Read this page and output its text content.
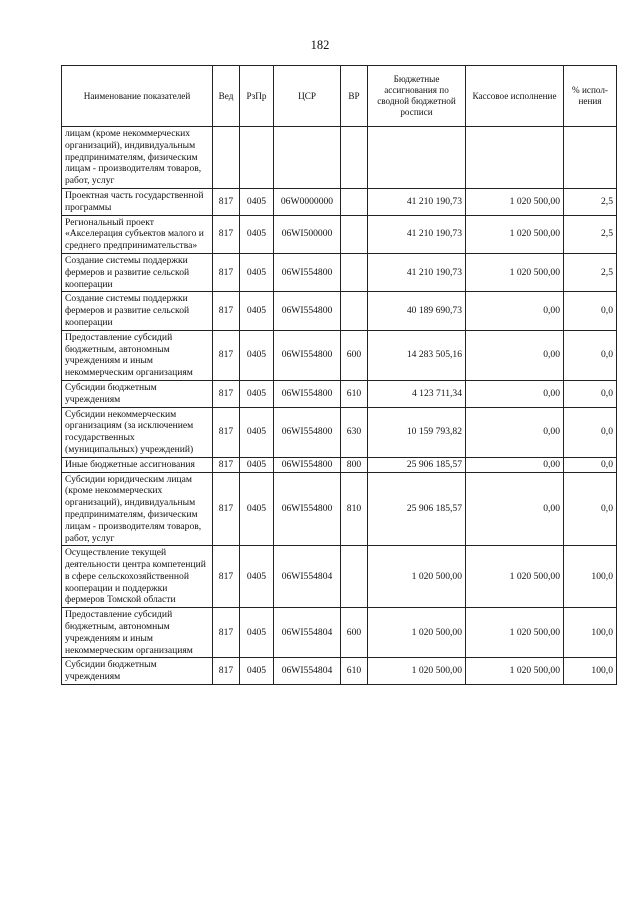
182
Наименование показателей	Вед	РзПр	ЦСР	ВР	Бюджетные ассигнования по сводной бюджетной росписи	Кассовое исполнение	% испол-нения
лицам (кроме некоммерческих организаций), индивидуальным предпринимателям, физическим лицам - производителям товаров, работ, услуг							
Проектная часть государственной программы	817	0405	06W0000000		41 210 190,73	1 020 500,00	2,5
Региональный проект «Акселерация субъектов малого и среднего предпринимательства»	817	0405	06WI500000		41 210 190,73	1 020 500,00	2,5
Создание системы поддержки фермеров и развитие сельской кооперации	817	0405	06WI554800		41 210 190,73	1 020 500,00	2,5
Создание системы поддержки фермеров и развитие сельской кооперации	817	0405	06WI554800		40 189 690,73	0,00	0,0
Предоставление субсидий бюджетным, автономным учреждениям и иным некоммерческим организациям	817	0405	06WI554800	600	14 283 505,16	0,00	0,0
Субсидии бюджетным учреждениям	817	0405	06WI554800	610	4 123 711,34	0,00	0,0
Субсидии некоммерческим организациям (за исключением государственных (муниципальных) учреждений)	817	0405	06WI554800	630	10 159 793,82	0,00	0,0
Иные бюджетные ассигнования	817	0405	06WI554800	800	25 906 185,57	0,00	0,0
Субсидии юридическим лицам (кроме некоммерческих организаций), индивидуальным предпринимателям, физическим лицам - производителям товаров, работ, услуг	817	0405	06WI554800	810	25 906 185,57	0,00	0,0
Осуществление текущей деятельности центра компетенций в сфере сельскохозяйственной кооперации и поддержки фермеров Томской области	817	0405	06WI554804		1 020 500,00	1 020 500,00	100,0
Предоставление субсидий бюджетным, автономным учреждениям и иным некоммерческим организациям	817	0405	06WI554804	600	1 020 500,00	1 020 500,00	100,0
Субсидии бюджетным учреждениям	817	0405	06WI554804	610	1 020 500,00	1 020 500,00	100,0
